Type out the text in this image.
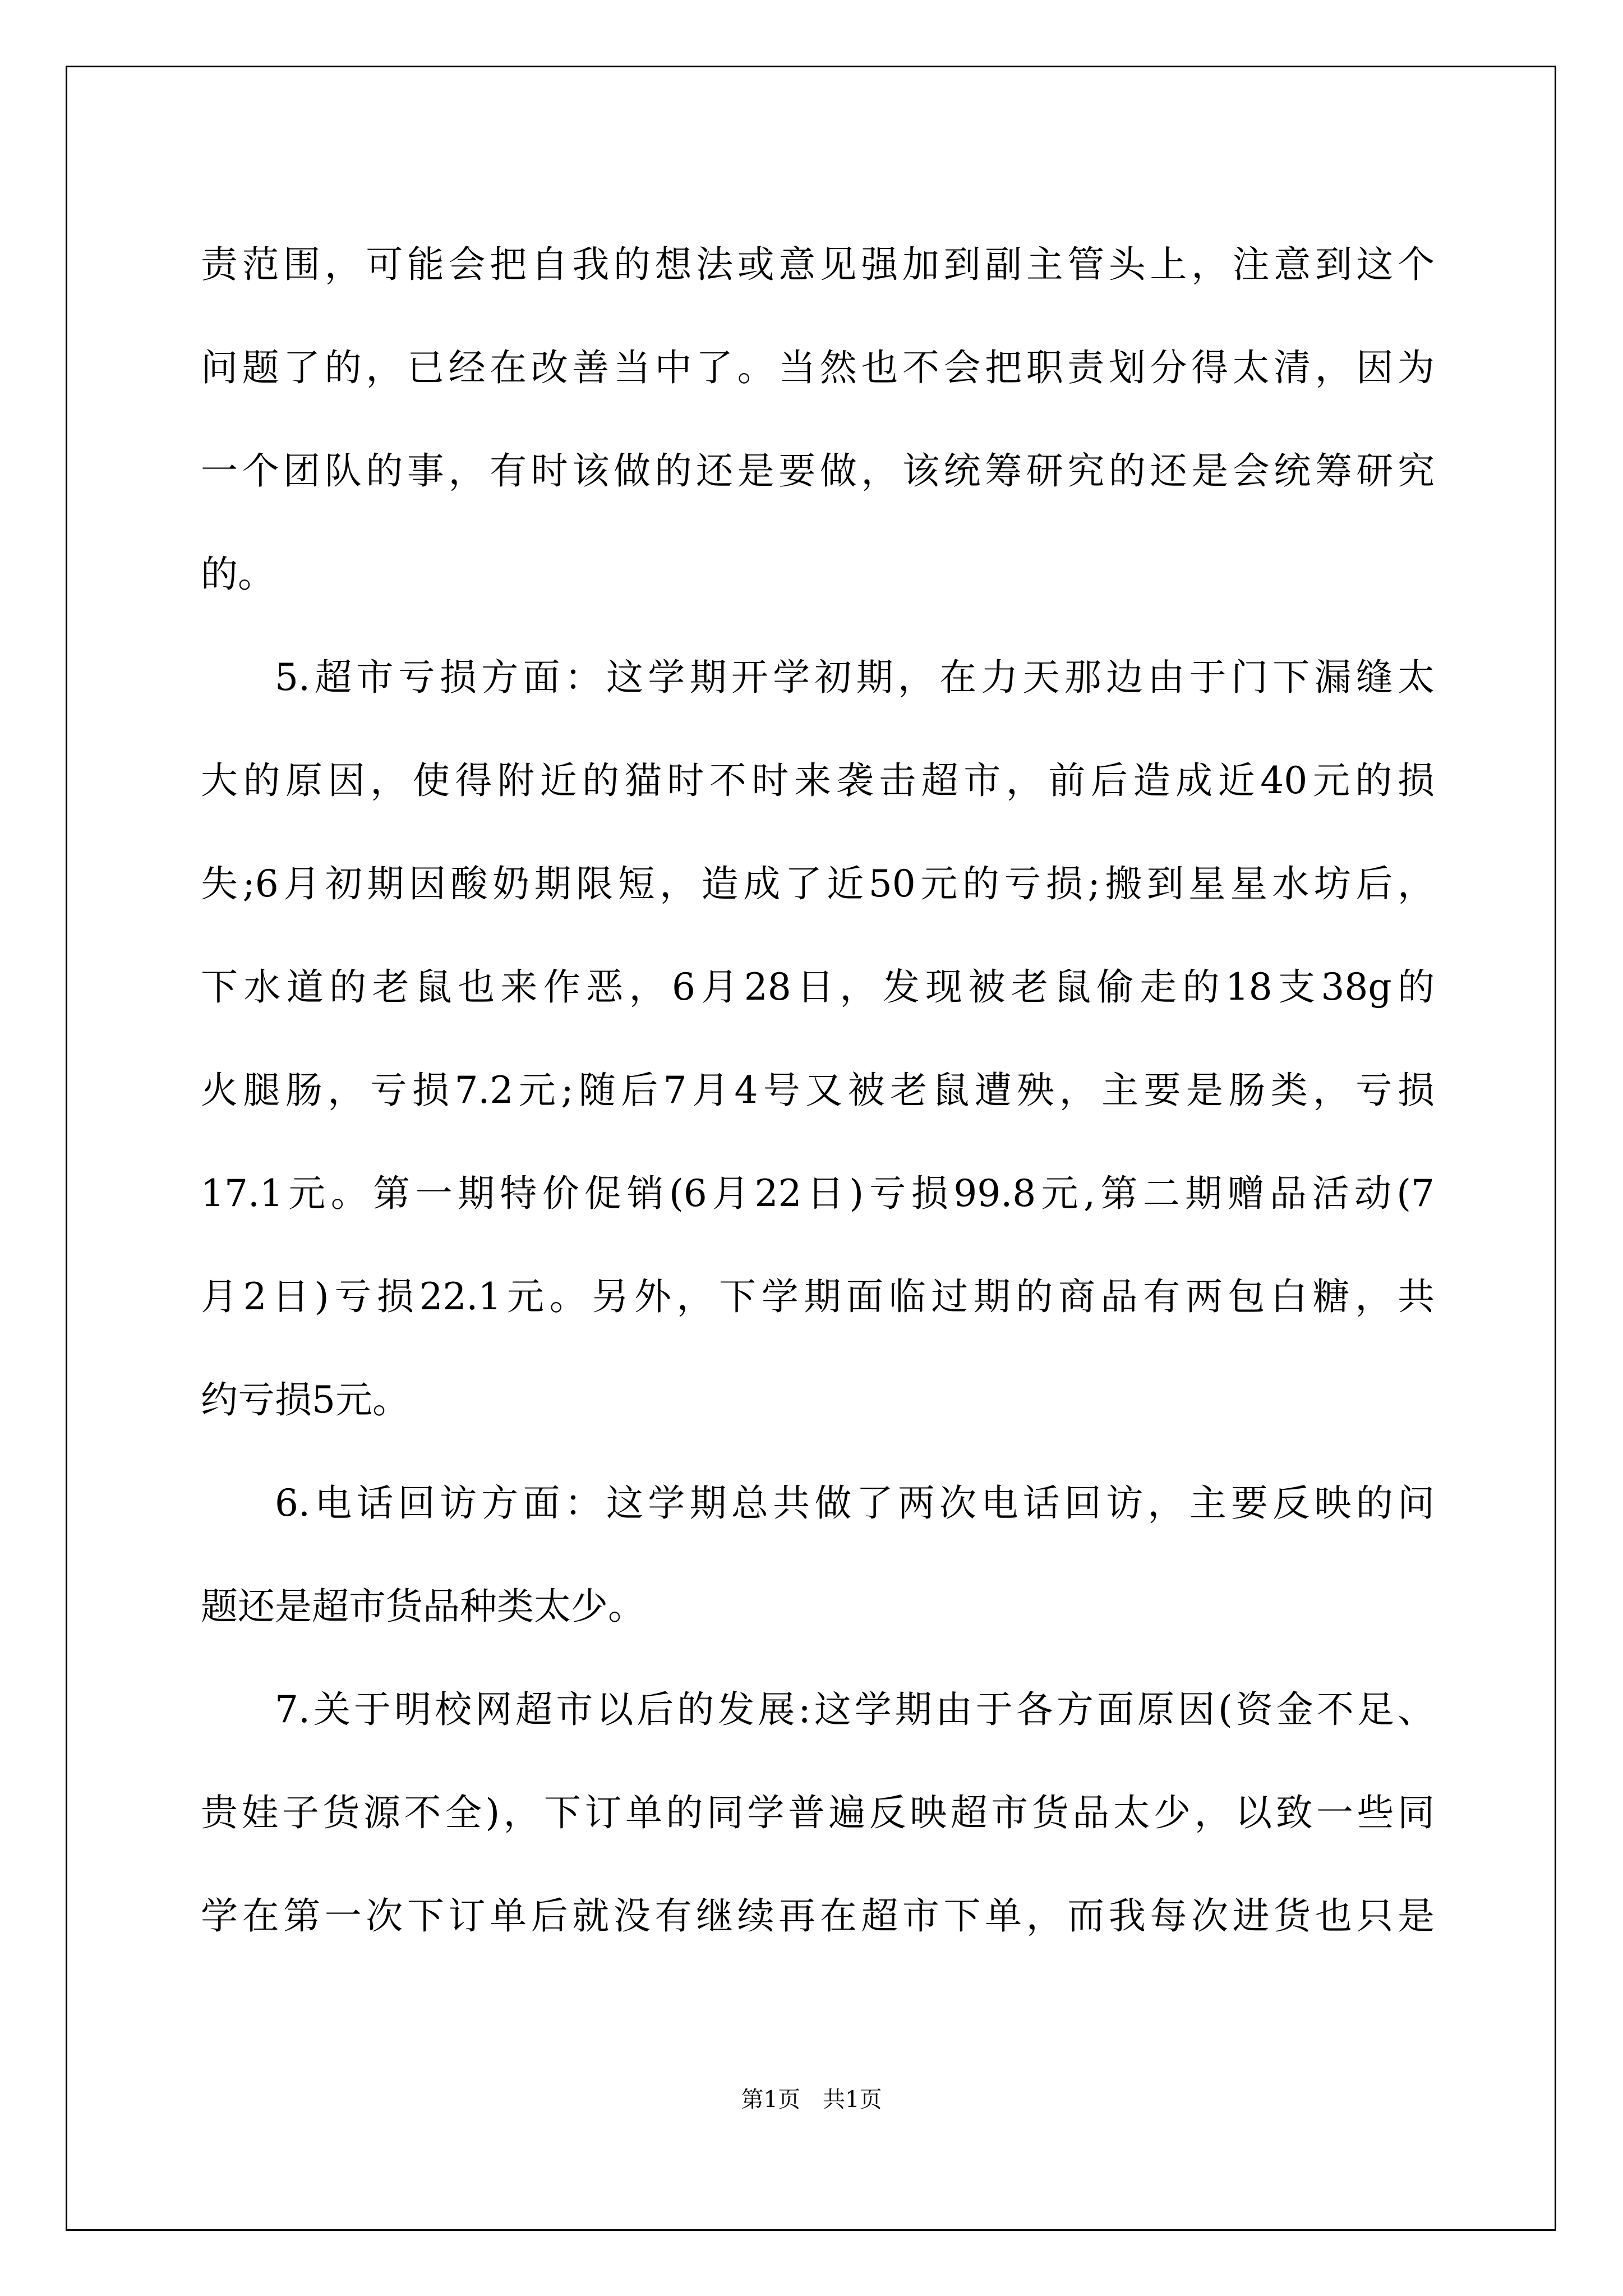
责范围，可能会把自我的想法或意见强加到副主管头上，注意到这个
问题了的，已经在改善当中了。当然也不会把职责划分得太清，因为
一个团队的事，有时该做的还是要做，该统筹研究的还是会统筹研究
的。
5.超市亏损方面：这学期开学初期，在力天那边由于门下漏缝太
大的原因，使得附近的猫时不时来袭击超市，前后造成近40元的损
失;6月初期因酸奶期限短，造成了近50元的亏损;搬到星星水坊后，
下水道的老鼠也来作恶，6月28日，发现被老鼠偷走的18支38g的
火腿肠，亏损7.2元;随后7月4号又被老鼠遭殃，主要是肠类，亏损
17.1元。第一期特价促销(6月22日)亏损99.8元,第二期赠品活动(7
月2日)亏损22.1元。另外，下学期面临过期的商品有两包白糖，共
约亏损5元。
6.电话回访方面：这学期总共做了两次电话回访，主要反映的问
题还是超市货品种类太少。
7.关于明校网超市以后的发展:这学期由于各方面原因(资金不足、
贵娃子货源不全)，下订单的同学普遍反映超市货品太少，以致一些同
学在第一次下订单后就没有继续再在超市下单，而我每次进货也只是
第1页　共1页
